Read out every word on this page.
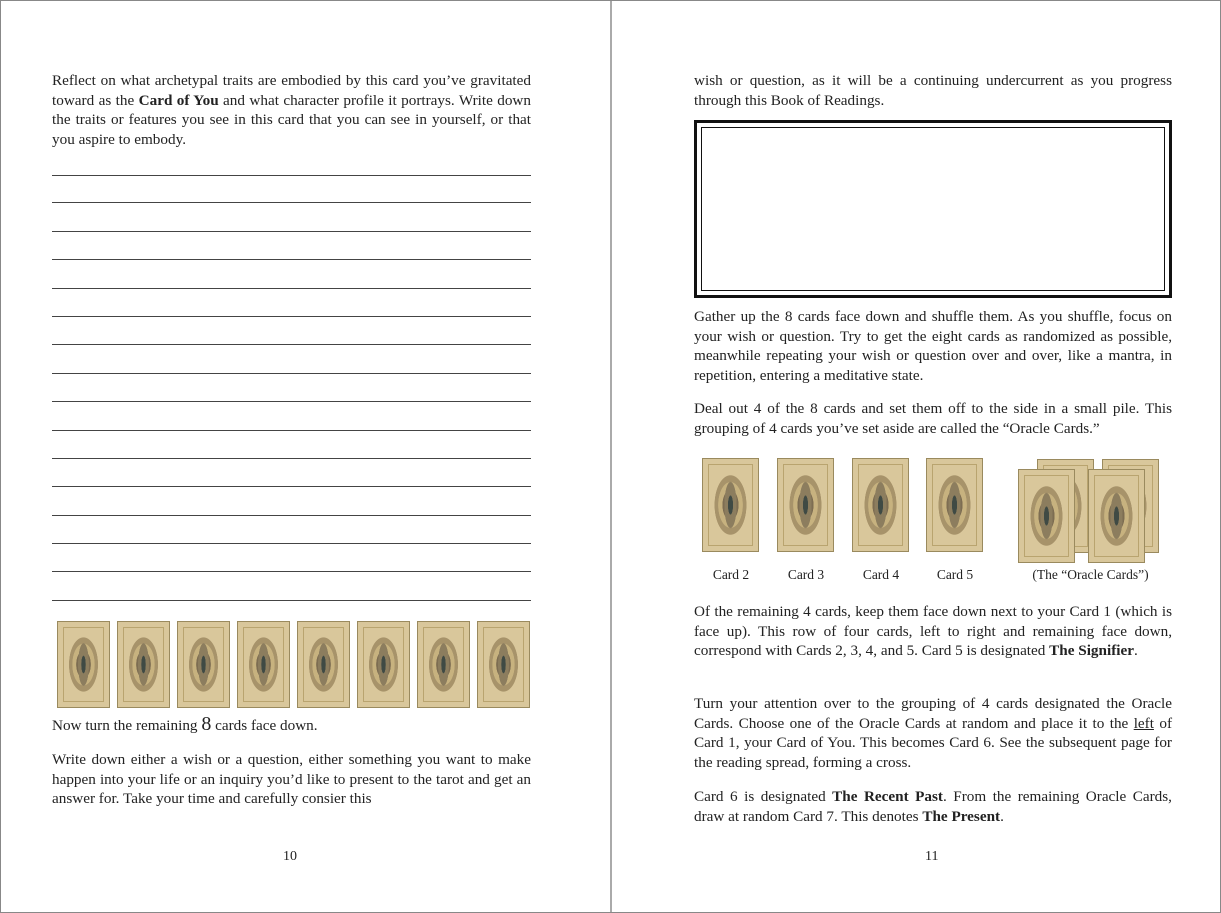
Reflect on what archetypal traits are embodied by this card you’ve gravitated toward as the Card of You and what character profile it portrays. Write down the traits or features you see in this card that you can see in yourself, or that you aspire to embody.

Now turn the remaining 8 cards face down.

Write down either a wish or a question, either something you want to make happen into your life or an inquiry you’d like to present to the tarot and get an answer for. Take your time and carefully consier this

10

wish or question, as it will be a continuing undercurrent as you progress through this Book of Readings.

Gather up the 8 cards face down and shuffle them. As you shuffle, focus on your wish or question. Try to get the eight cards as randomized as possible, meanwhile repeating your wish or question over and over, like a mantra, in repetition, entering a meditative state.

Deal out 4 of the 8 cards and set them off to the side in a small pile. This grouping of 4 cards you’ve set aside are called the “Oracle Cards.”

Card 2	Card 3	Card 4	Card 5	(The “Oracle Cards”)

Of the remaining 4 cards, keep them face down next to your Card 1 (which is face up). This row of four cards, left to right and remaining face down, correspond with Cards 2, 3, 4, and 5. Card 5 is designated The Signifier.

Turn your attention over to the grouping of 4 cards designated the Oracle Cards. Choose one of the Oracle Cards at random and place it to the left of Card 1, your Card of You. This becomes Card 6. See the subsequent page for the reading spread, forming a cross.

Card 6 is designated The Recent Past. From the remaining Oracle Cards, draw at random Card 7. This denotes The Present.

11
